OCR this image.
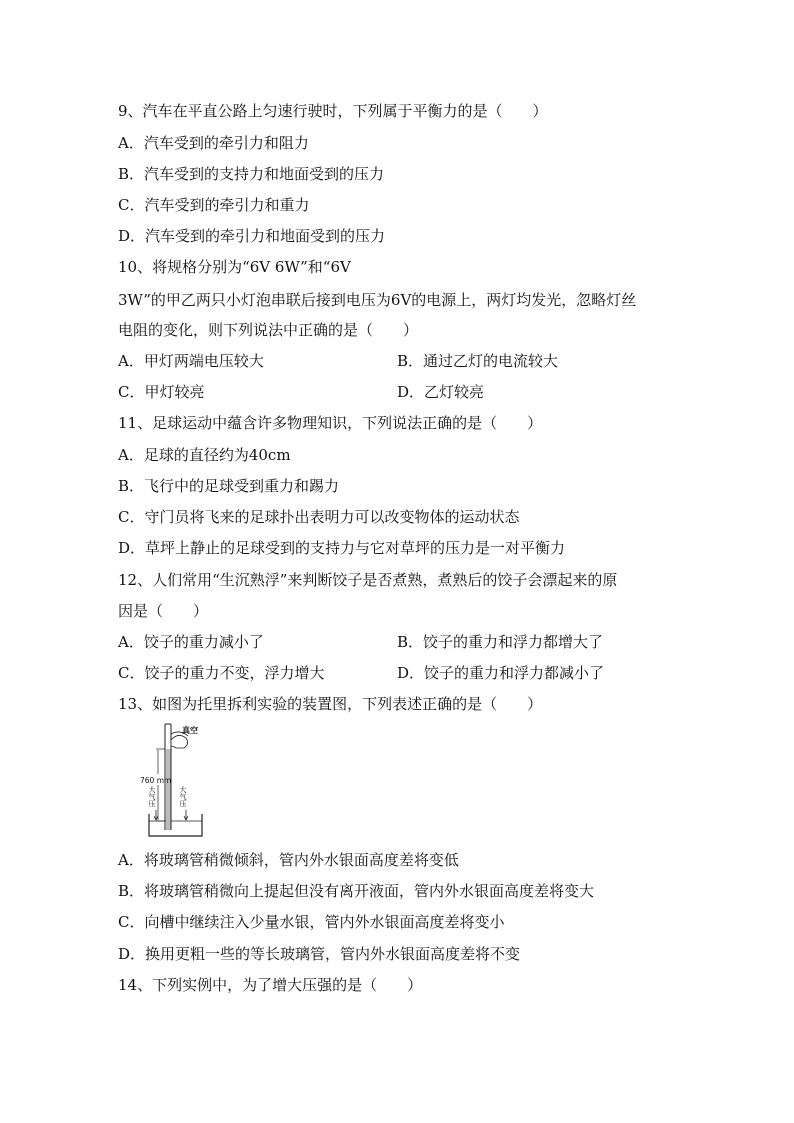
9、汽车在平直公路上匀速行驶时，下列属于平衡力的是（　　）
A．汽车受到的牵引力和阻力
B．汽车受到的支持力和地面受到的压力
C．汽车受到的牵引力和重力
D．汽车受到的牵引力和地面受到的压力
10、将规格分别为“6V 6W”和“6V
3W”的甲乙两只小灯泡串联后接到电压为6V的电源上，两灯均发光，忽略灯丝
电阻的变化，则下列说法中正确的是（　　）
A．甲灯两端电压较大	B．通过乙灯的电流较大
C．甲灯较亮	D．乙灯较亮
11、足球运动中蕴含许多物理知识，下列说法正确的是（　　）
A．足球的直径约为40cm
B．飞行中的足球受到重力和踢力
C．守门员将飞来的足球扑出表明力可以改变物体的运动状态
D．草坪上静止的足球受到的支持力与它对草坪的压力是一对平衡力
12、人们常用“生沉熟浮”来判断饺子是否煮熟，煮熟后的饺子会漂起来的原
因是（　　）
A．饺子的重力减小了	B．饺子的重力和浮力都增大了
C．饺子的重力不变，浮力增大	D．饺子的重力和浮力都减小了
13、如图为托里拆利实验的装置图，下列表述正确的是（　　）
760 mm
真空
大气压	大气压
A．将玻璃管稍微倾斜，管内外水银面高度差将变低
B．将玻璃管稍微向上提起但没有离开液面，管内外水银面高度差将变大
C．向槽中继续注入少量水银，管内外水银面高度差将变小
D．换用更粗一些的等长玻璃管，管内外水银面高度差将不变
14、下列实例中，为了增大压强的是（　　）
